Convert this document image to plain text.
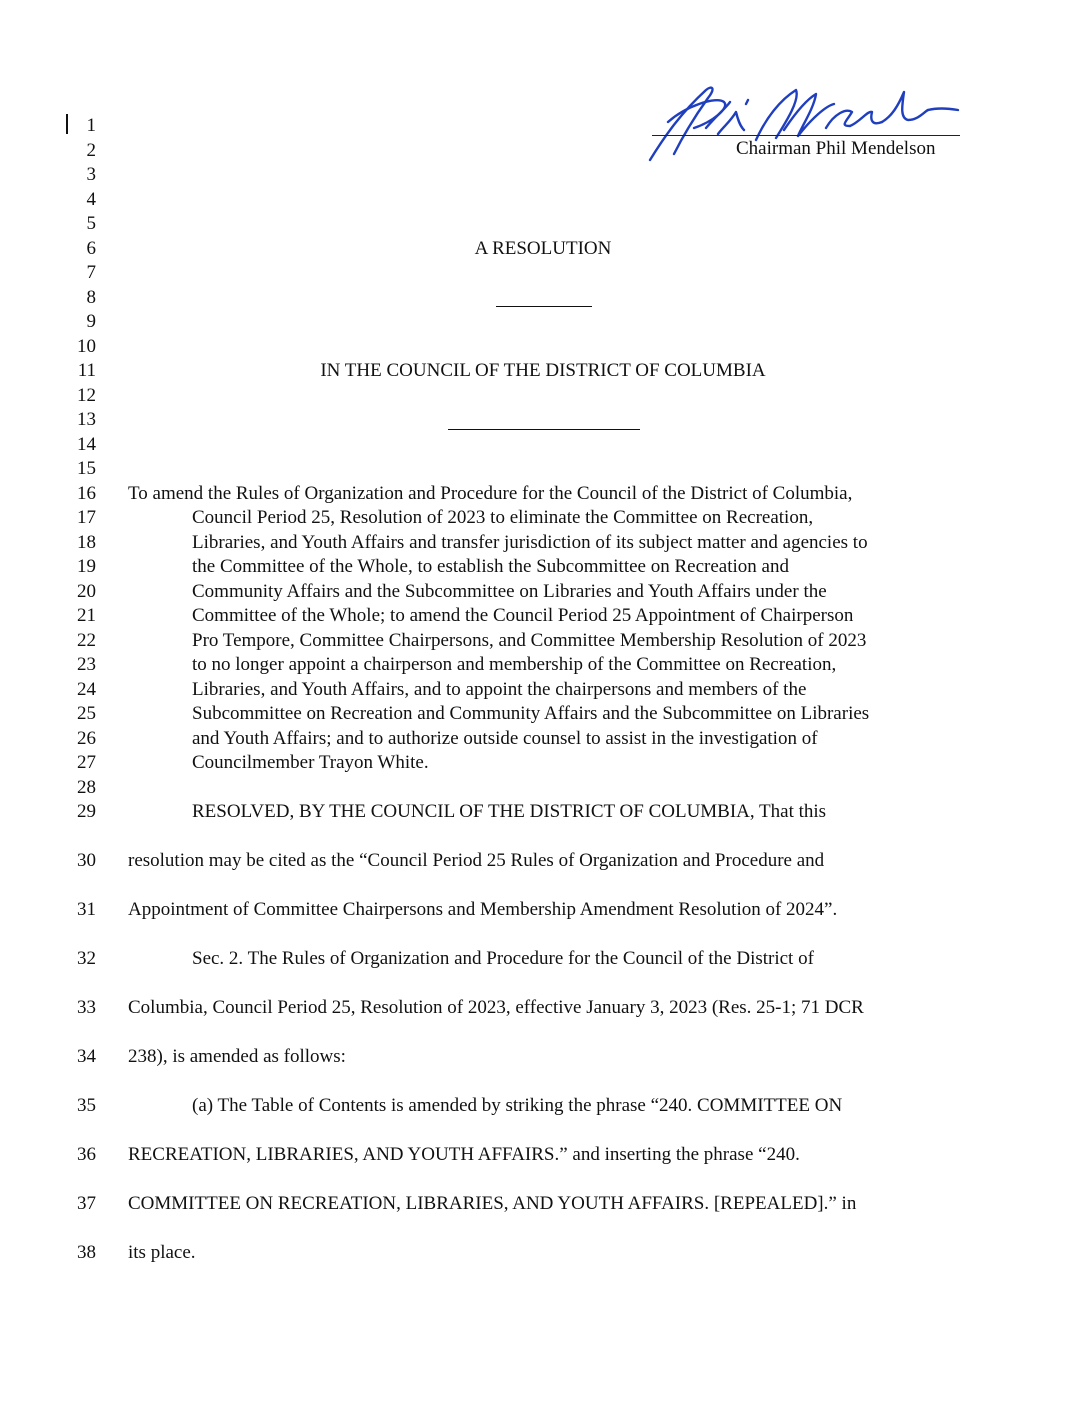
Chairman Phil Mendelson
1
2
3
4
5
6
7
8
9
10
11
12
13
14
15
16
17
18
19
20
21
22
23
24
25
26
27
28
29
30
31
32
33
34
35
36
37
38
A RESOLUTION
IN THE COUNCIL OF THE DISTRICT OF COLUMBIA
To amend the Rules of Organization and Procedure for the Council of the District of Columbia,
Council Period 25, Resolution of 2023 to eliminate the Committee on Recreation,
Libraries, and Youth Affairs and transfer jurisdiction of its subject matter and agencies to
the Committee of the Whole, to establish the Subcommittee on Recreation and
Community Affairs and the Subcommittee on Libraries and Youth Affairs under the
Committee of the Whole; to amend the Council Period 25 Appointment of Chairperson
Pro Tempore, Committee Chairpersons, and Committee Membership Resolution of 2023
to no longer appoint a chairperson and membership of the Committee on Recreation,
Libraries, and Youth Affairs, and to appoint the chairpersons and members of the
Subcommittee on Recreation and Community Affairs and the Subcommittee on Libraries
and Youth Affairs; and to authorize outside counsel to assist in the investigation of
Councilmember Trayon White.
RESOLVED, BY THE COUNCIL OF THE DISTRICT OF COLUMBIA, That this
resolution may be cited as the “Council Period 25 Rules of Organization and Procedure and
Appointment of Committee Chairpersons and Membership Amendment Resolution of 2024”.
Sec. 2. The Rules of Organization and Procedure for the Council of the District of
Columbia, Council Period 25, Resolution of 2023, effective January 3, 2023 (Res. 25-1; 71 DCR
238), is amended as follows:
(a) The Table of Contents is amended by striking the phrase “240. COMMITTEE ON
RECREATION, LIBRARIES, AND YOUTH AFFAIRS.” and inserting the phrase “240.
COMMITTEE ON RECREATION, LIBRARIES, AND YOUTH AFFAIRS. [REPEALED].” in
its place.
